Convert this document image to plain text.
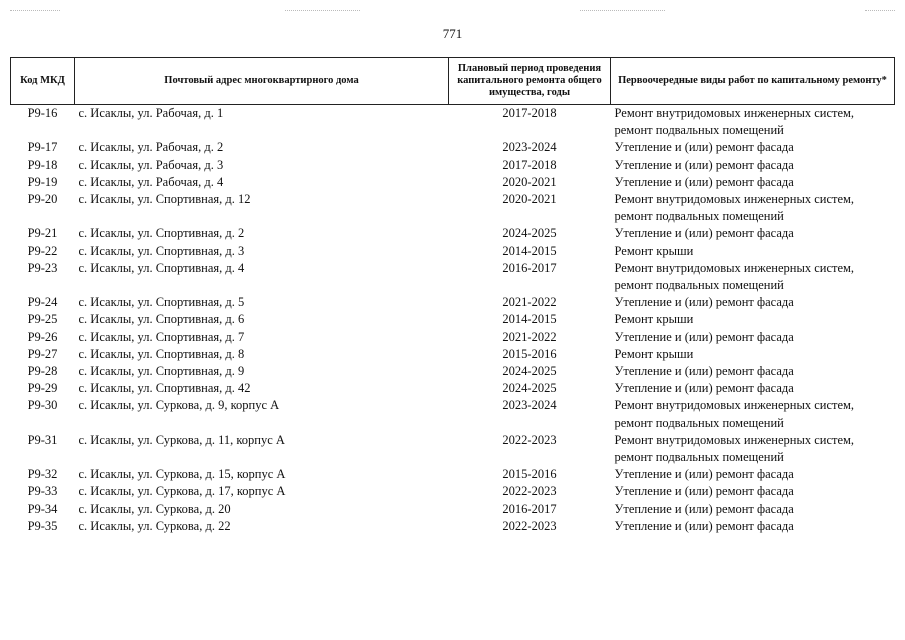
771
Код МКД	Почтовый адрес многоквартирного дома	Плановый период проведения капитального ремонта общего имущества, годы	Первоочередные виды работ по капитальному ремонту*
Р9-16	с. Исаклы, ул. Рабочая, д. 1	2017-2018	Ремонт внутридомовых инженерных систем, ремонт подвальных помещений

Р9-17	с. Исаклы, ул. Рабочая, д. 2	2023-2024	Утепление и (или) ремонт фасада

Р9-18	с. Исаклы, ул. Рабочая, д. 3	2017-2018	Утепление и (или) ремонт фасада

Р9-19	с. Исаклы, ул. Рабочая, д. 4	2020-2021	Утепление и (или) ремонт фасада

Р9-20	с. Исаклы, ул. Спортивная, д. 12	2020-2021	Ремонт внутридомовых инженерных систем, ремонт подвальных помещений

Р9-21	с. Исаклы, ул. Спортивная, д. 2	2024-2025	Утепление и (или) ремонт фасада

Р9-22	с. Исаклы, ул. Спортивная, д. 3	2014-2015	Ремонт крыши

Р9-23	с. Исаклы, ул. Спортивная, д. 4	2016-2017	Ремонт внутридомовых инженерных систем, ремонт подвальных помещений

Р9-24	с. Исаклы, ул. Спортивная, д. 5	2021-2022	Утепление и (или) ремонт фасада

Р9-25	с. Исаклы, ул. Спортивная, д. 6	2014-2015	Ремонт крыши

Р9-26	с. Исаклы, ул. Спортивная, д. 7	2021-2022	Утепление и (или) ремонт фасада

Р9-27	с. Исаклы, ул. Спортивная, д. 8	2015-2016	Ремонт крыши

Р9-28	с. Исаклы, ул. Спортивная, д. 9	2024-2025	Утепление и (или) ремонт фасада

Р9-29	с. Исаклы, ул. Спортивная, д. 42	2024-2025	Утепление и (или) ремонт фасада

Р9-30	с. Исаклы, ул. Суркова, д. 9, корпус А	2023-2024	Ремонт внутридомовых инженерных систем, ремонт подвальных помещений

Р9-31	с. Исаклы, ул. Суркова, д. 11, корпус А	2022-2023	Ремонт внутридомовых инженерных систем, ремонт подвальных помещений

Р9-32	с. Исаклы, ул. Суркова, д. 15, корпус А	2015-2016	Утепление и (или) ремонт фасада

Р9-33	с. Исаклы, ул. Суркова, д. 17, корпус А	2022-2023	Утепление и (или) ремонт фасада

Р9-34	с. Исаклы, ул. Суркова, д. 20	2016-2017	Утепление и (или) ремонт фасада

Р9-35	с. Исаклы, ул. Суркова, д. 22	2022-2023	Утепление и (или) ремонт фасада
